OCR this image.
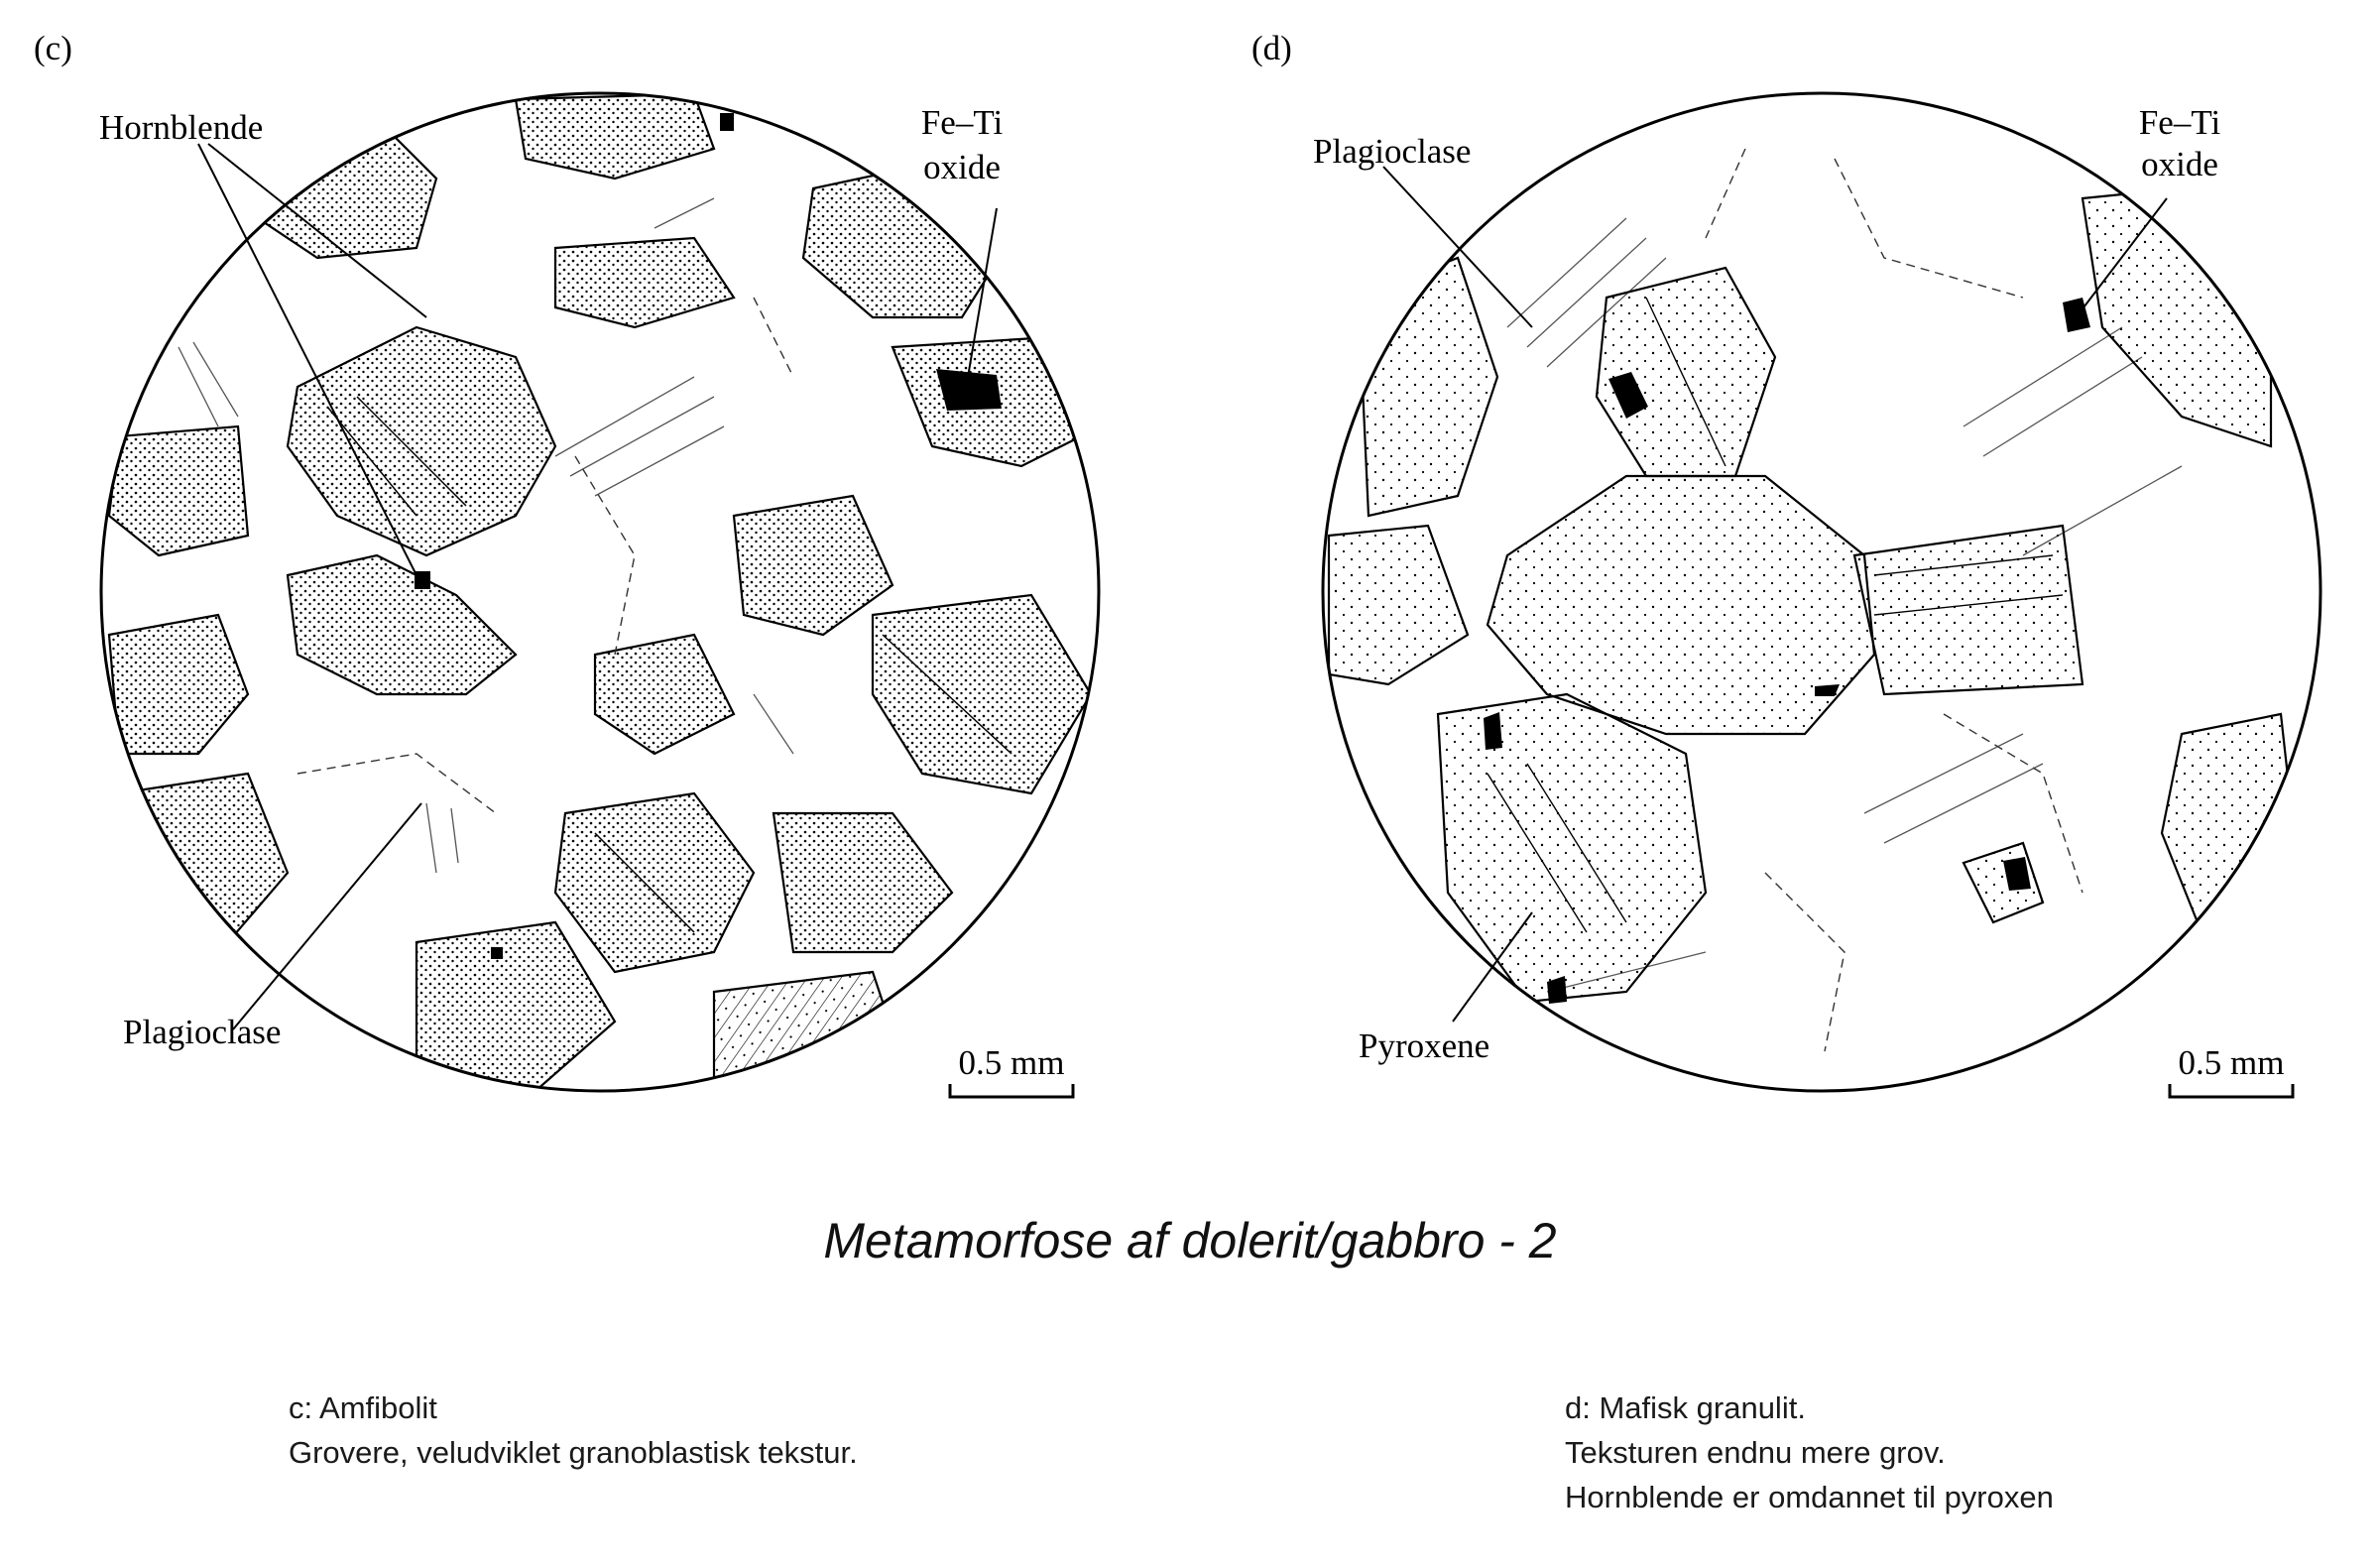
(c)
Hornblende	Fe–Ti
oxide
Plagioclase
0.5 mm
(d)
Plagioclase
Fe–Ti
oxide
Pyroxene	0.5 mm
Metamorfose af dolerit/gabbro - 2
c: Amfibolit
Grovere, veludviklet granoblastisk tekstur.
d: Mafisk granulit.
Teksturen endnu mere grov.
Hornblende er omdannet til pyroxen
